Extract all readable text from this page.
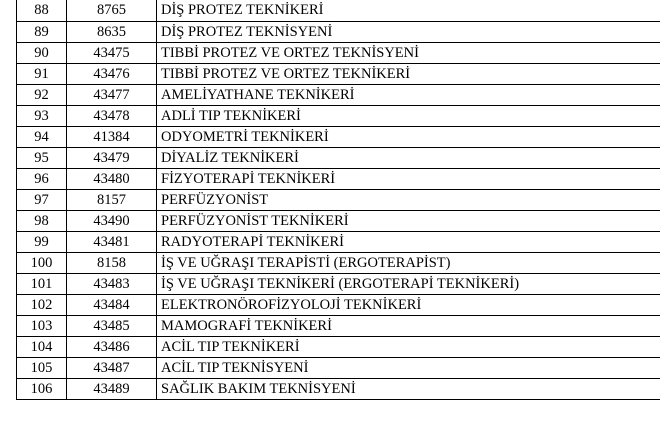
88	8765	DİŞ PROTEZ TEKNİKERİ
89	8635	DİŞ PROTEZ TEKNİSYENİ
90	43475	TIBBİ PROTEZ VE ORTEZ TEKNİSYENİ
91	43476	TIBBİ PROTEZ VE ORTEZ TEKNİKERİ
92	43477	AMELİYATHANE TEKNİKERİ
93	43478	ADLİ TIP TEKNİKERİ
94	41384	ODYOMETRİ TEKNİKERİ
95	43479	DİYALİZ TEKNİKERİ
96	43480	FİZYOTERAPİ TEKNİKERİ
97	8157	PERFÜZYONİST
98	43490	PERFÜZYONİST TEKNİKERİ
99	43481	RADYOTERAPİ TEKNİKERİ
100	8158	İŞ VE UĞRAŞI TERAPİSTİ (ERGOTERAPİST)
101	43483	İŞ VE UĞRAŞI TEKNİKERİ (ERGOTERAPİ TEKNİKERİ)
102	43484	ELEKTRONÖROFİZYOLOJİ TEKNİKERİ
103	43485	MAMOGRAFİ TEKNİKERİ
104	43486	ACİL TIP TEKNİKERİ
105	43487	ACİL TIP TEKNİSYENİ
106	43489	SAĞLIK BAKIM TEKNİSYENİ
